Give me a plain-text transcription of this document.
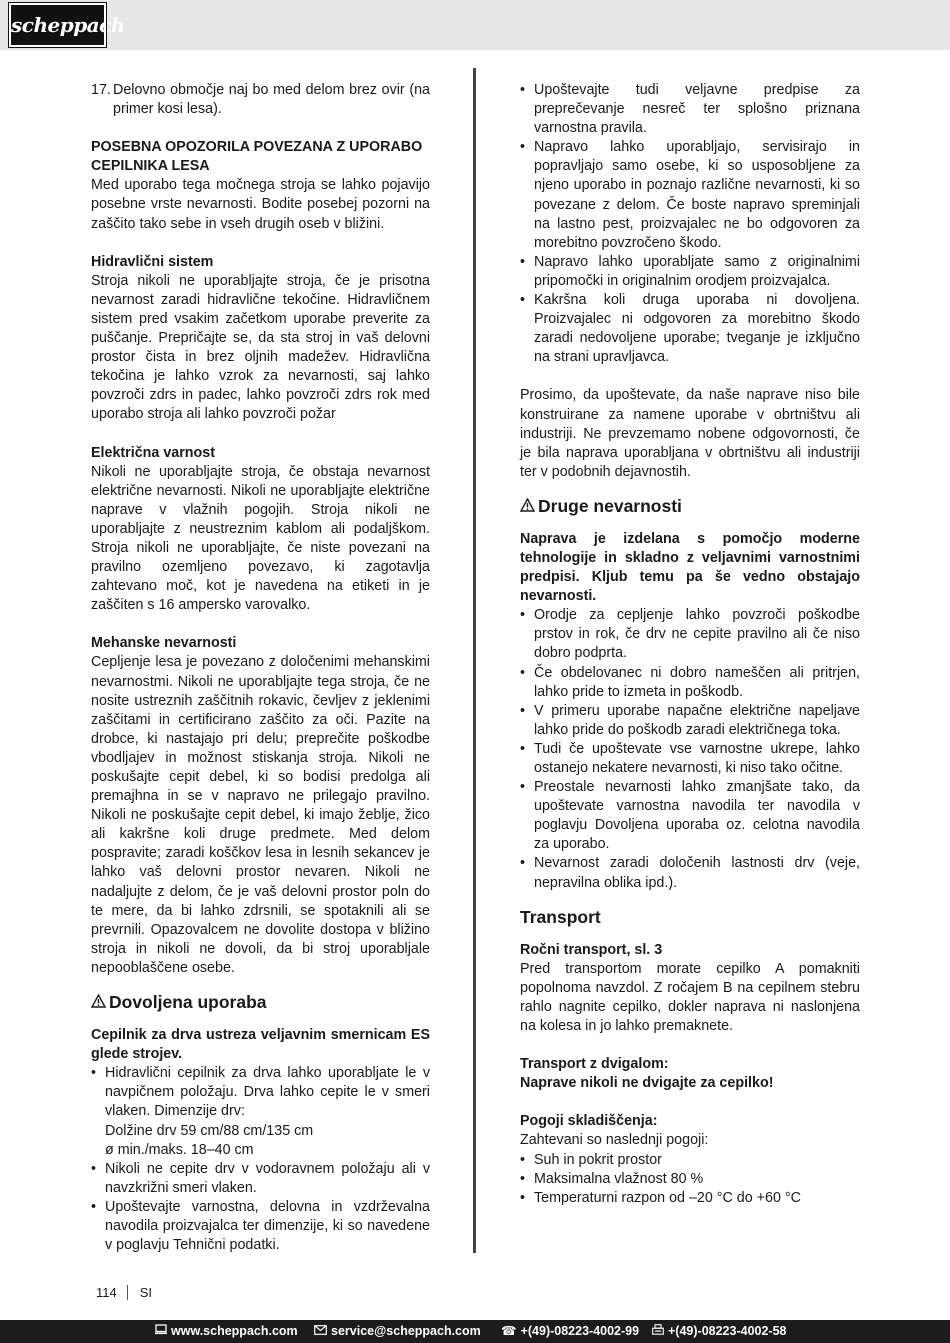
scheppach

17. Delovno območje naj bo med delom brez ovir (na primer kosi lesa).

POSEBNA OPOZORILA POVEZANA Z UPORABO CEPILNIKA LESA

Med uporabo tega močnega stroja se lahko pojavijo posebne vrste nevarnosti. Bodite posebej pozorni na zaščito tako sebe in vseh drugih oseb v bližini.

Hidravlični sistem

Stroja nikoli ne uporabljajte stroja, če je prisotna nevarnost zaradi hidravlične tekočine. Hidravličnem sistem pred vsakim začetkom uporabe preverite za puščanje. Prepričajte se, da sta stroj in vaš delovni prostor čista in brez oljnih madežev. Hidravlična tekočina je lahko vzrok za nevarnosti, saj lahko povzroči zdrs in padec, lahko povzroči zdrs rok med uporabo stroja ali lahko povzroči požar

Električna varnost

Nikoli ne uporabljajte stroja, če obstaja nevarnost električne nevarnosti. Nikoli ne uporabljajte električne naprave v vlažnih pogojih. Stroja nikoli ne uporabljajte z neustreznim kablom ali podaljškom. Stroja nikoli ne uporabljajte, če niste povezani na pravilno ozemljeno povezavo, ki zagotavlja zahtevano moč, kot je navedena na etiketi in je zaščiten s 16 ampersko varovalko.

Mehanske nevarnosti

Cepljenje lesa je povezano z določenimi mehanskimi nevarnostmi. Nikoli ne uporabljajte tega stroja, če ne nosite ustreznih zaščitnih rokavic, čevljev z jeklenimi zaščitami in certificirano zaščito za oči. Pazite na drobce, ki nastajajo pri delu; preprečite poškodbe vbodljajev in možnost stiskanja stroja. Nikoli ne poskušajte cepit debel, ki so bodisi predolga ali premajhna in se v napravo ne prilegajo pravilno. Nikoli ne poskušajte cepit debel, ki imajo žeblje, žico ali kakršne koli druge predmete. Med delom pospravite; zaradi koščkov lesa in lesnih sekancev je lahko vaš delovni prostor nevaren. Nikoli ne nadaljujte z delom, če je vaš delovni prostor poln do te mere, da bi lahko zdrsnili, se spotaknili ali se prevrnili. Opazovalcem ne dovolite dostopa v bližino stroja in nikoli ne dovoli, da bi stroj uporabljale nepooblaščene osebe.

Dovoljena uporaba

Cepilnik za drva ustreza veljavnim smernicam ES glede strojev.

• Hidravlični cepilnik za drva lahko uporabljate le v navpičnem položaju. Drva lahko cepite le v smeri vlaken. Dimenzije drv:
Dolžine drv 59 cm/88 cm/135 cm
ø min./maks. 18–40 cm
• Nikoli ne cepite drv v vodoravnem položaju ali v navzkrižni smeri vlaken.
• Upoštevajte varnostna, delovna in vzdrževalna navodila proizvajalca ter dimenzije, ki so navedene v poglavju Tehnični podatki.
• Upoštevajte tudi veljavne predpise za preprečevanje nesreč ter splošno priznana varnostna pravila.
• Napravo lahko uporabljajo, servisirajo in popravljajo samo osebe, ki so usposobljene za njeno uporabo in poznajo različne nevarnosti, ki so povezane z delom. Če boste napravo spreminjali na lastno pest, proizvajalec ne bo odgovoren za morebitno povzročeno škodo.
• Napravo lahko uporabljate samo z originalnimi pripomočki in originalnim orodjem proizvajalca.
• Kakršna koli druga uporaba ni dovoljena. Proizvajalec ni odgovoren za morebitno škodo zaradi nedovoljene uporabe; tveganje je izključno na strani upravljavca.

Prosimo, da upoštevate, da naše naprave niso bile konstruirane za namene uporabe v obrtništvu ali industriji. Ne prevzemamo nobene odgovornosti, če je bila naprava uporabljana v obrtništvu ali industriji ter v podobnih dejavnostih.

Druge nevarnosti

Naprava je izdelana s pomočjo moderne tehnologije in skladno z veljavnimi varnostnimi predpisi. Kljub temu pa še vedno obstajajo nevarnosti.

• Orodje za cepljenje lahko povzroči poškodbe prstov in rok, če drv ne cepite pravilno ali če niso dobro podprta.
• Če obdelovanec ni dobro nameščen ali pritrjen, lahko pride to izmeta in poškodb.
• V primeru uporabe napačne električne napeljave lahko pride do poškodb zaradi električnega toka.
• Tudi če upoštevate vse varnostne ukrepe, lahko ostanejo nekatere nevarnosti, ki niso tako očitne.
• Preostale nevarnosti lahko zmanjšate tako, da upoštevate varnostna navodila ter navodila v poglavju Dovoljena uporaba oz. celotna navodila za uporabo.
• Nevarnost zaradi določenih lastnosti drv (veje, nepravilna oblika ipd.).
Transport

Ročni transport, sl. 3

Pred transportom morate cepilko A pomakniti popolnoma navzdol. Z ročajem B na cepilnem stebru rahlo nagnite cepilko, dokler naprava ni naslonjena na kolesa in jo lahko premaknete.

Transport z dvigalom:

Naprave nikoli ne dvigajte za cepilko!

Pogoji skladiščenja:

Zahtevani so naslednji pogoji:

• Suh in pokrit prostor
• Maksimalna vlažnost 80 %
• Temperaturni razpon od –20 °C do +60 °C
114 SI
www.scheppach.com	service@scheppach.com ☎ +(49)-08223-4002-99	+(49)-08223-4002-58
